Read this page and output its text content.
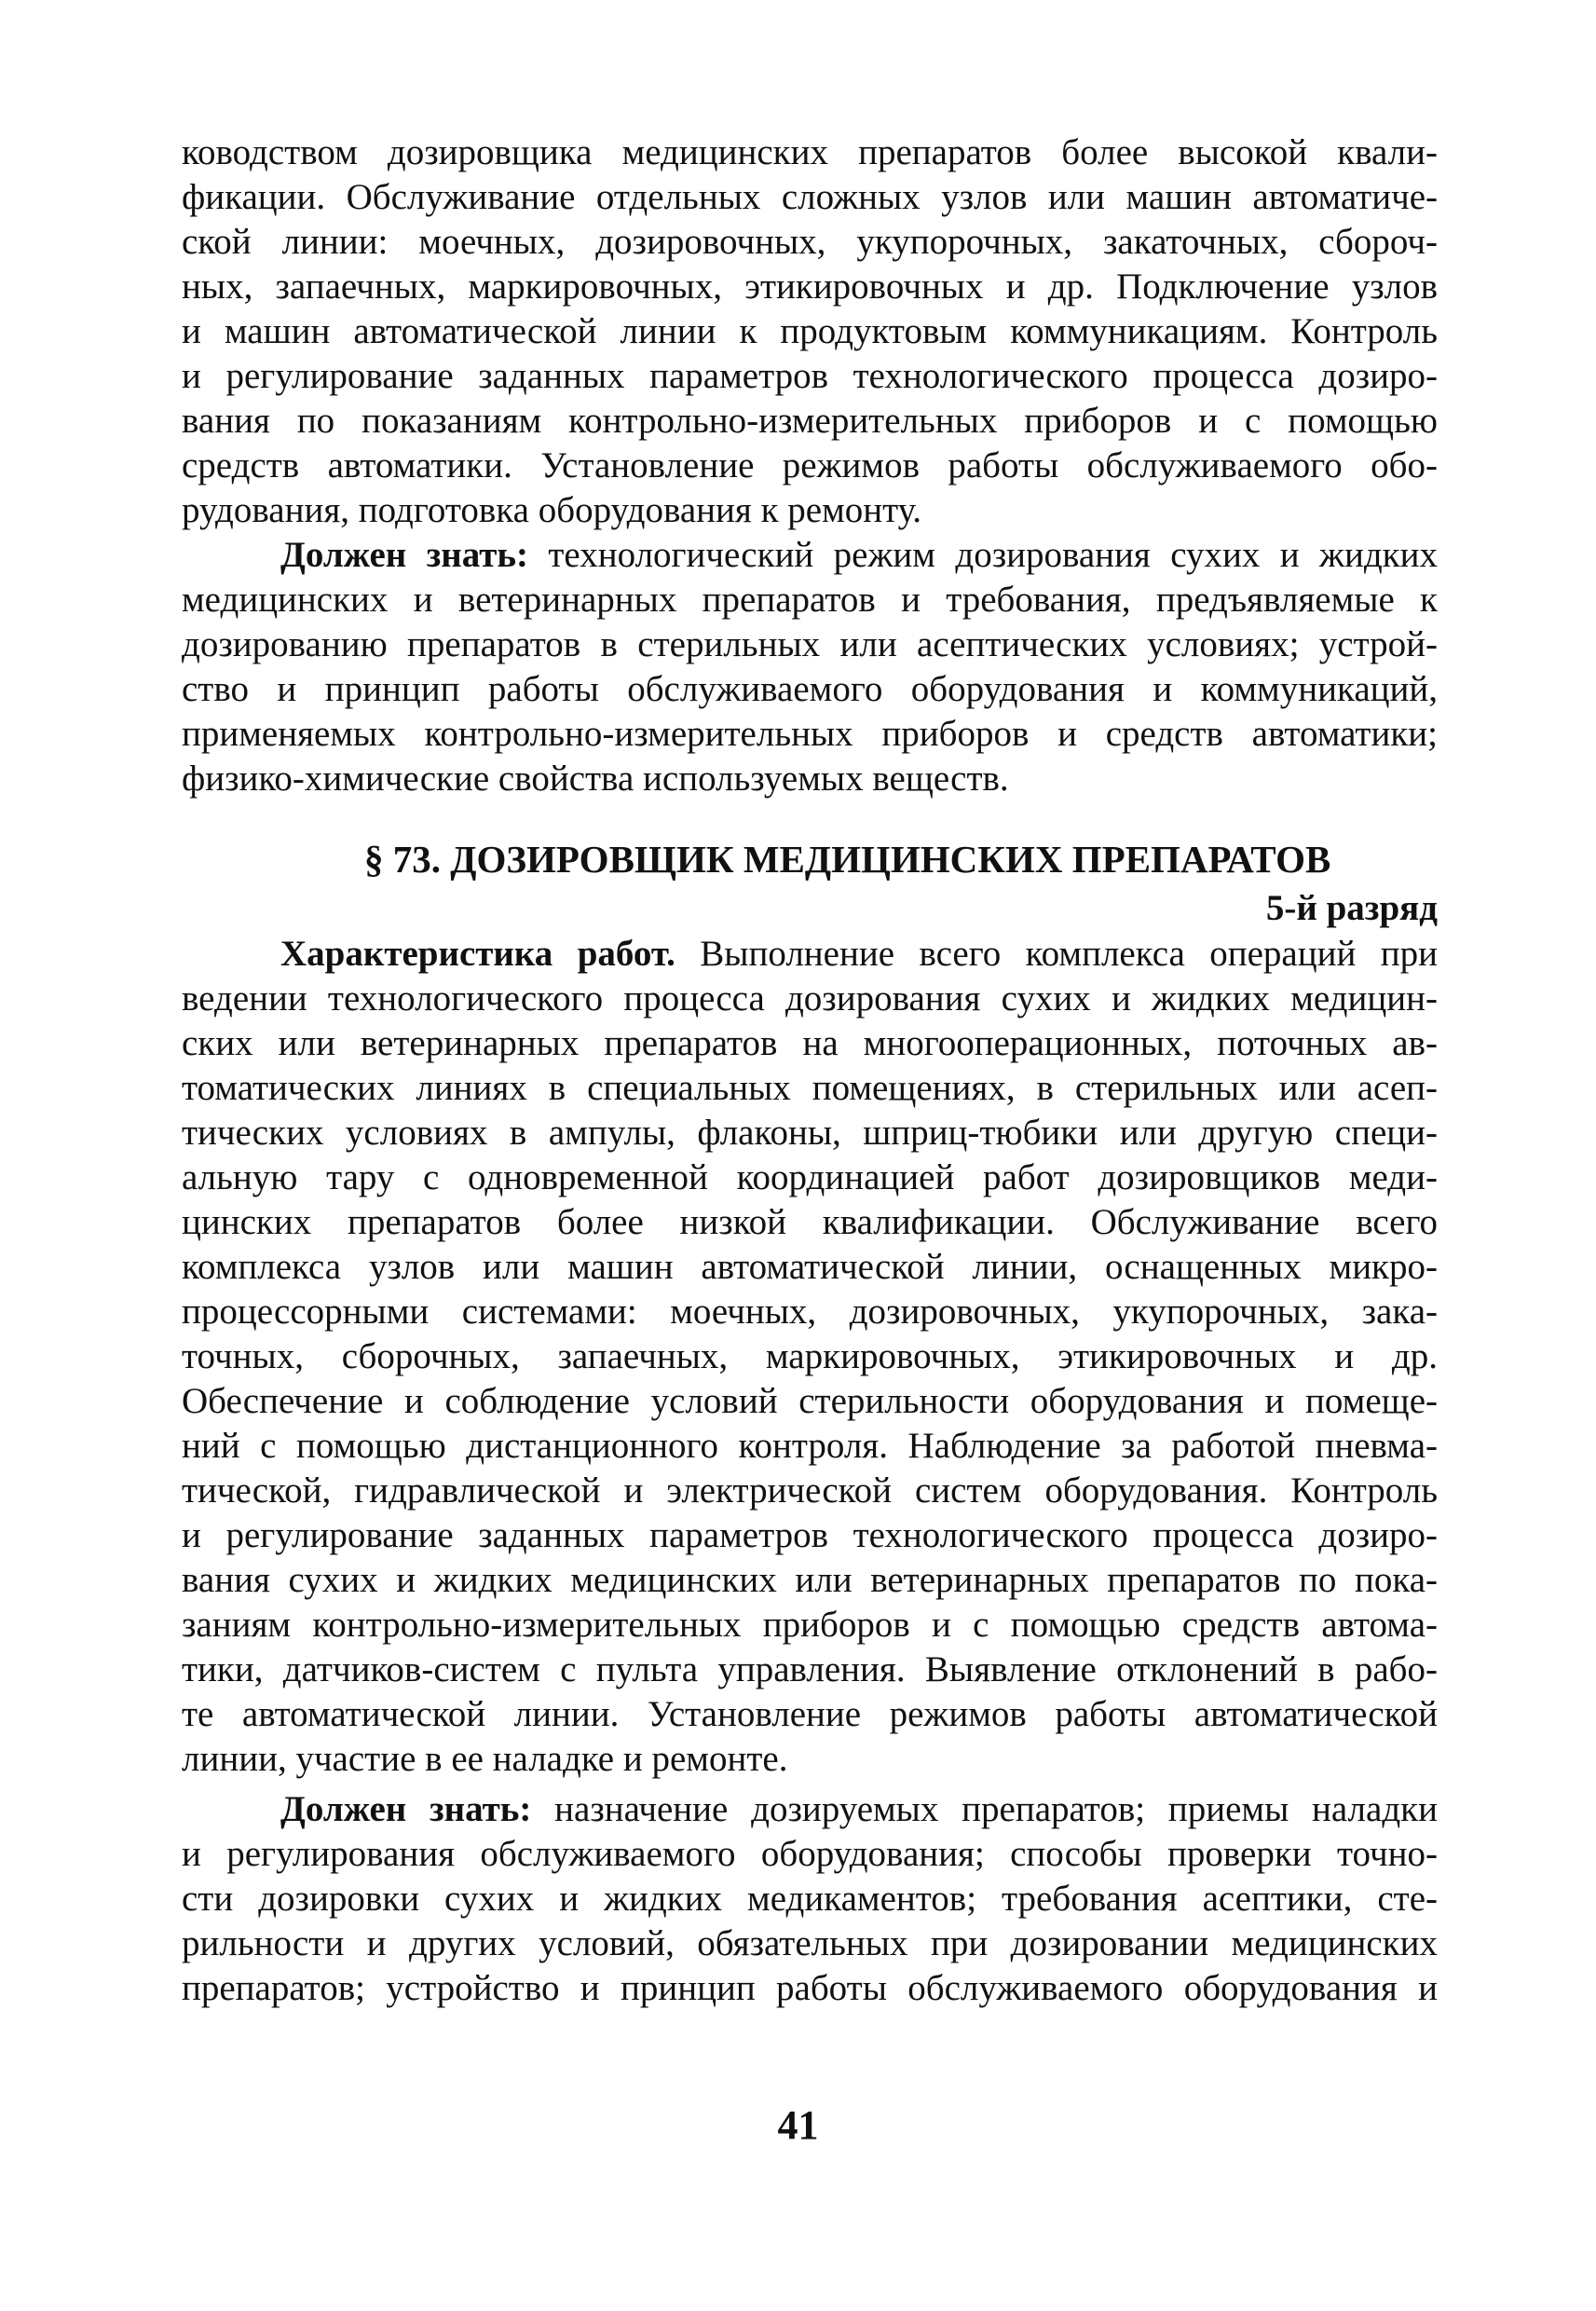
ководством дозировщика медицинских препаратов более высокой квали-
фикации. Обслуживание отдельных сложных узлов или машин автоматиче-
ской линии: моечных, дозировочных, укупорочных, закаточных, сбороч-
ных, запаечных, маркировочных, этикировочных и др. Подключение узлов
и машин автоматической линии к продуктовым коммуникациям. Контроль
и регулирование заданных параметров технологического процесса дозиро-
вания по показаниям контрольно-измерительных приборов и с помощью
средств автоматики. Установление режимов работы обслуживаемого обо-
рудования, подготовка оборудования к ремонту.
Должен знать: технологический режим дозирования сухих и жидких
медицинских и ветеринарных препаратов и требования, предъявляемые к
дозированию препаратов в стерильных или асептических условиях; устрой-
ство и принцип работы обслуживаемого оборудования и коммуникаций,
применяемых контрольно-измерительных приборов и средств автоматики;
физико-химические свойства используемых веществ.
§ 73. ДОЗИРОВЩИК МЕДИЦИНСКИХ ПРЕПАРАТОВ
5-й разряд
Характеристика работ. Выполнение всего комплекса операций при
ведении технологического процесса дозирования сухих и жидких медицин-
ских или ветеринарных препаратов на многооперационных, поточных ав-
томатических линиях в специальных помещениях, в стерильных или асеп-
тических условиях в ампулы, флаконы, шприц-тюбики или другую специ-
альную тару с одновременной координацией работ дозировщиков меди-
цинских препаратов более низкой квалификации. Обслуживание всего
комплекса узлов или машин автоматической линии, оснащенных микро-
процессорными системами: моечных, дозировочных, укупорочных, зака-
точных, сборочных, запаечных, маркировочных, этикировочных и др.
Обеспечение и соблюдение условий стерильности оборудования и помеще-
ний с помощью дистанционного контроля. Наблюдение за работой пневма-
тической, гидравлической и электрической систем оборудования. Контроль
и регулирование заданных параметров технологического процесса дозиро-
вания сухих и жидких медицинских или ветеринарных препаратов по пока-
заниям контрольно-измерительных приборов и с помощью средств автома-
тики, датчиков-систем с пульта управления. Выявление отклонений в рабо-
те автоматической линии. Установление режимов работы автоматической
линии, участие в ее наладке и ремонте.
Должен знать: назначение дозируемых препаратов; приемы наладки
и регулирования обслуживаемого оборудования; способы проверки точно-
сти дозировки сухих и жидких медикаментов; требования асептики, сте-
рильности и других условий, обязательных при дозировании медицинских
препаратов; устройство и принцип работы обслуживаемого оборудования и
41
